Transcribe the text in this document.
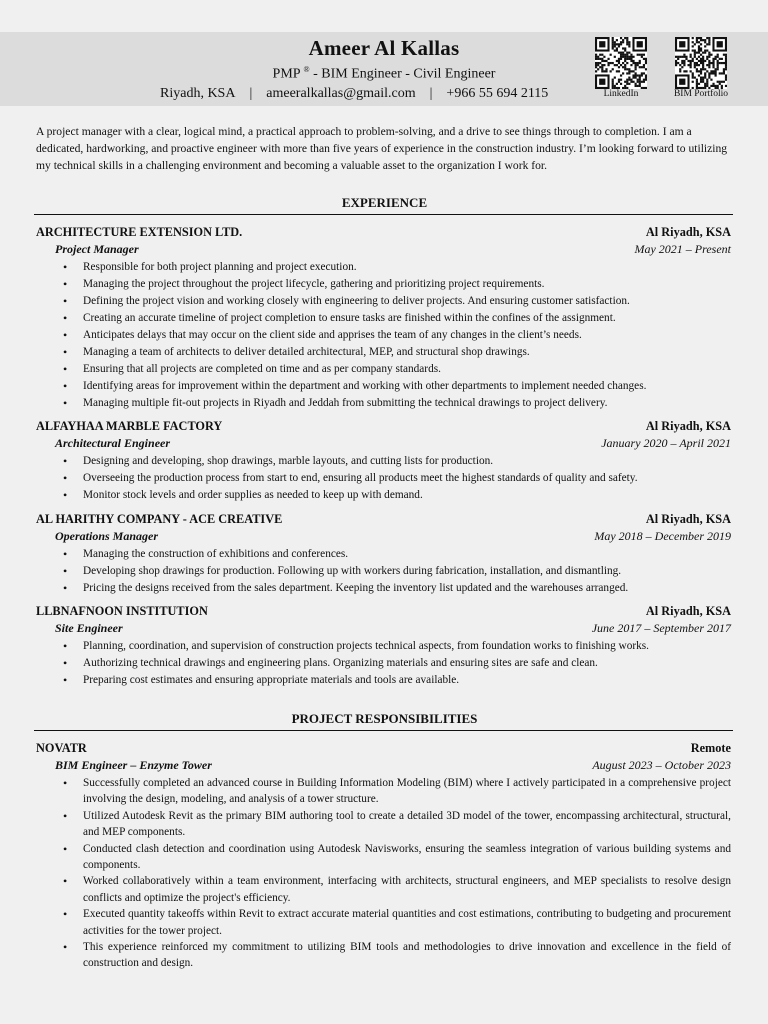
Ameer Al Kallas
PMP ® - BIM Engineer - Civil Engineer
Riyadh, KSA | ameeralkallas@gmail.com | +966 55 694 2115	LinkedIn	BIM Portfolio
A project manager with a clear, logical mind, a practical approach to problem-solving, and a drive to see things through to completion. I am a dedicated, hardworking, and proactive engineer with more than five years of experience in the construction industry. I’m looking forward to utilizing my technical skills in a challenging environment and becoming a valuable asset to the organization I work for.
EXPERIENCE
ARCHITECTURE EXTENSION LTD.	Al Riyadh, KSA
Project Manager	May 2021 – Present
• Responsible for both project planning and project execution.
• Managing the project throughout the project lifecycle, gathering and prioritizing project requirements.
• Defining the project vision and working closely with engineering to deliver projects. And ensuring customer satisfaction.
• Creating an accurate timeline of project completion to ensure tasks are finished within the confines of the assignment.
• Anticipates delays that may occur on the client side and apprises the team of any changes in the client’s needs.
• Managing a team of architects to deliver detailed architectural, MEP, and structural shop drawings.
• Ensuring that all projects are completed on time and as per company standards.
• Identifying areas for improvement within the department and working with other departments to implement needed changes.
• Managing multiple fit-out projects in Riyadh and Jeddah from submitting the technical drawings to project delivery.
ALFAYHAA MARBLE FACTORY	Al Riyadh, KSA
Architectural Engineer	January 2020 – April 2021
• Designing and developing, shop drawings, marble layouts, and cutting lists for production.
• Overseeing the production process from start to end, ensuring all products meet the highest standards of quality and safety.
• Monitor stock levels and order supplies as needed to keep up with demand.
AL HARITHY COMPANY - ACE CREATIVE	Al Riyadh, KSA
Operations Manager	May 2018 – December 2019
• Managing the construction of exhibitions and conferences.
• Developing shop drawings for production. Following up with workers during fabrication, installation, and dismantling.
• Pricing the designs received from the sales department. Keeping the inventory list updated and the warehouses arranged.
LLBNAFNOON INSTITUTION	Al Riyadh, KSA
Site Engineer	June 2017 – September 2017
• Planning, coordination, and supervision of construction projects technical aspects, from foundation works to finishing works.
• Authorizing technical drawings and engineering plans. Organizing materials and ensuring sites are safe and clean.
• Preparing cost estimates and ensuring appropriate materials and tools are available.
PROJECT RESPONSIBILITIES
NOVATR	Remote
BIM Engineer – Enzyme Tower	August 2023 – October 2023
• Successfully completed an advanced course in Building Information Modeling (BIM) where I actively participated in a comprehensive project involving the design, modeling, and analysis of a tower structure.
• Utilized Autodesk Revit as the primary BIM authoring tool to create a detailed 3D model of the tower, encompassing architectural, structural, and MEP components.
• Conducted clash detection and coordination using Autodesk Navisworks, ensuring the seamless integration of various building systems and components.
• Worked collaboratively within a team environment, interfacing with architects, structural engineers, and MEP specialists to resolve design conflicts and optimize the project's efficiency.
• Executed quantity takeoffs within Revit to extract accurate material quantities and cost estimations, contributing to budgeting and procurement activities for the tower project.
• This experience reinforced my commitment to utilizing BIM tools and methodologies to drive innovation and excellence in the field of construction and design.
